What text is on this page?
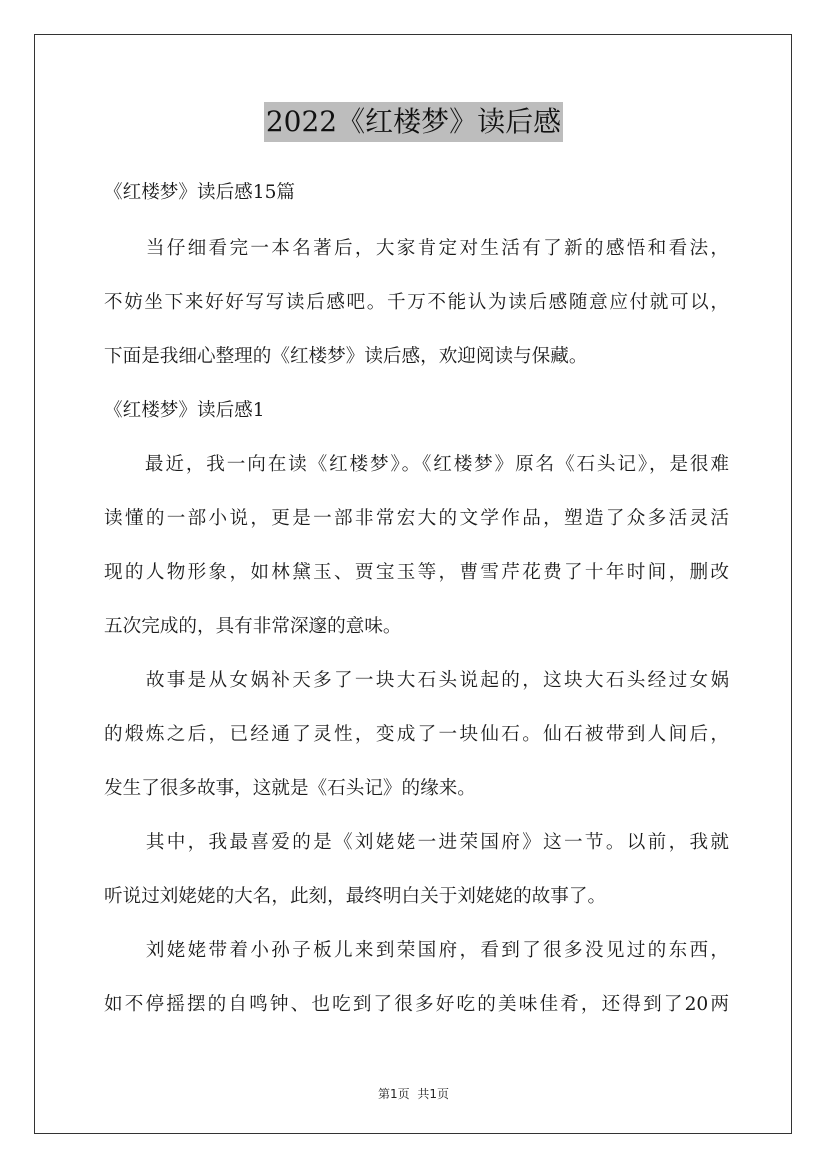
2022《红楼梦》读后感
《红楼梦》读后感15篇
　　当仔细看完一本名著后，大家肯定对生活有了新的感悟和看法，
不妨坐下来好好写写读后感吧。千万不能认为读后感随意应付就可以，
下面是我细心整理的《红楼梦》读后感，欢迎阅读与保藏。
《红楼梦》读后感1
　　最近，我一向在读《红楼梦》。《红楼梦》原名《石头记》，是很难
读懂的一部小说，更是一部非常宏大的文学作品，塑造了众多活灵活
现的人物形象，如林黛玉、贾宝玉等，曹雪芹花费了十年时间，删改
五次完成的，具有非常深邃的意味。
　　故事是从女娲补天多了一块大石头说起的，这块大石头经过女娲
的煅炼之后，已经通了灵性，变成了一块仙石。仙石被带到人间后，
发生了很多故事，这就是《石头记》的缘来。
　　其中，我最喜爱的是《刘姥姥一进荣国府》这一节。以前，我就
听说过刘姥姥的大名，此刻，最终明白关于刘姥姥的故事了。
　　刘姥姥带着小孙子板儿来到荣国府，看到了很多没见过的东西，
如不停摇摆的自鸣钟、也吃到了很多好吃的美味佳肴，还得到了20两
第1页 共1页
